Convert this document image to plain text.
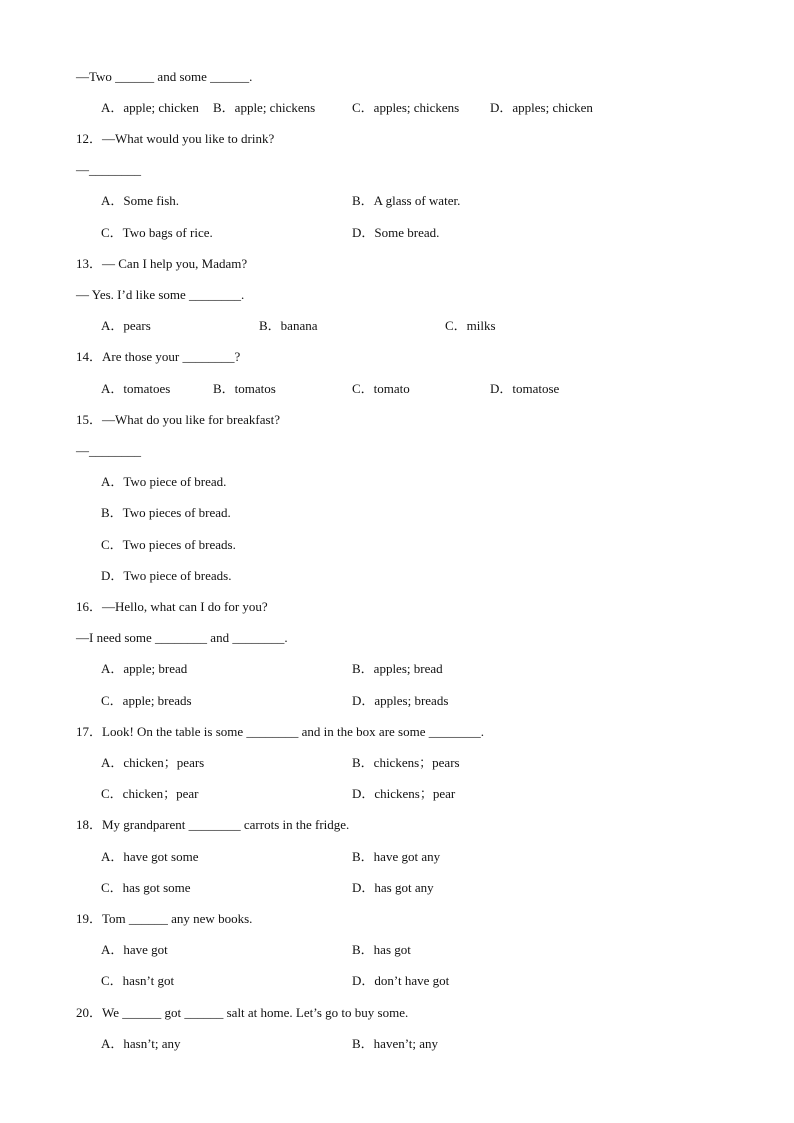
—Two ______ and some ______.
A．apple; chicken B．apple; chickens	C．apples; chickens D．apples; chicken
12．—What would you like to drink?
—________
A．Some fish.	B．A glass of water.
C．Two bags of rice.	D．Some bread.
13．— Can I help you, Madam?
— Yes. I’d like some ________.
A．pears	B．banana	C．milks
14．Are those your ________?
A．tomatoes	B．tomatos	C．tomato	D．tomatose
15．—What do you like for breakfast?
—________
A．Two piece of bread.
B．Two pieces of bread.
C．Two pieces of breads.
D．Two piece of breads.
16．—Hello, what can I do for you?
—I need some ________ and ________.
A．apple; bread	B．apples; bread
C．apple; breads	D．apples; breads
17．Look! On the table is some ________ and in the box are some ________.
A．chicken；pears	B．chickens；pears
C．chicken；pear	D．chickens；pear
18．My grandparent ________ carrots in the fridge.
A．have got some	B．have got any
C．has got some	D．has got any
19．Tom ______ any new books.
A．have got	B．has got
C．hasn’t got	D．don’t have got
20．We ______ got ______ salt at home. Let’s go to buy some.
A．hasn’t; any	B．haven’t; any
